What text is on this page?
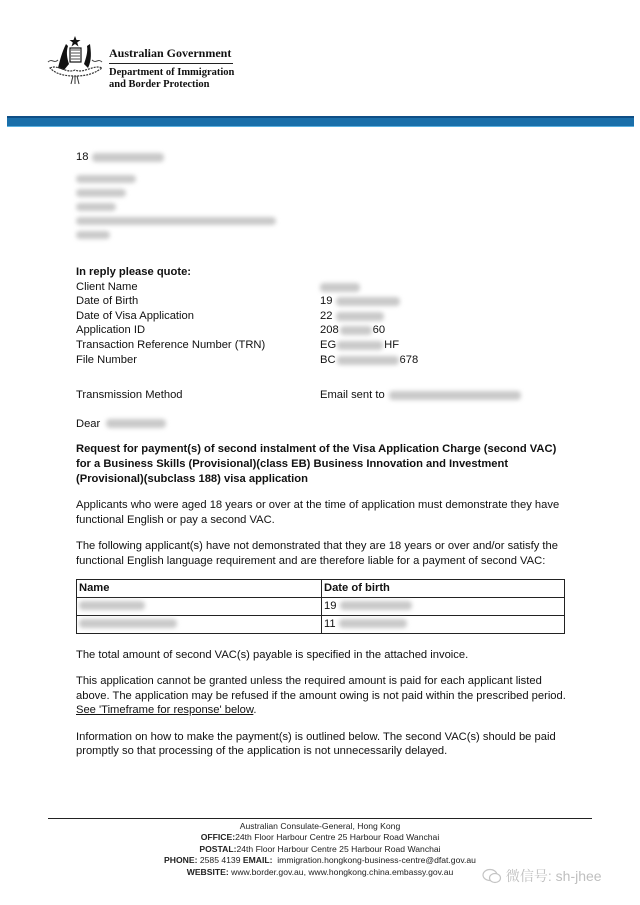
Australian Government
Department of Immigration
and Border Protection

18

In reply please quote:
Client Name
Date of Birth	19
Date of Visa Application	22
Application ID	208	60
Transaction Reference Number (TRN)	EG	HF
File Number	BC	678
Transmission Method	Email sent to

Dear

Request for payment(s) of second instalment of the Visa Application Charge (second VAC) for a Business Skills (Provisional)(class EB) Business Innovation and Investment (Provisional)(subclass 188) visa application

Applicants who were aged 18 years or over at the time of application must demonstrate they have functional English or pay a second VAC.

The following applicant(s) have not demonstrated that they are 18 years or over and/or satisfy the functional English language requirement and are therefore liable for a payment of second VAC:

Name	Date of birth
	19
	11

The total amount of second VAC(s) payable is specified in the attached invoice.

This application cannot be granted unless the required amount is paid for each applicant listed above. The application may be refused if the amount owing is not paid within the prescribed period. See 'Timeframe for response' below.

Information on how to make the payment(s) is outlined below. The second VAC(s) should be paid promptly so that processing of the application is not unnecessarily delayed.

Australian Consulate-General, Hong Kong
OFFICE:24th Floor Harbour Centre 25 Harbour Road Wanchai
POSTAL:24th Floor Harbour Centre 25 Harbour Road Wanchai
PHONE: 2585 4139 EMAIL: immigration.hongkong-business-centre@dfat.gov.au
WEBSITE: www.border.gov.au, www.hongkong.china.embassy.gov.au	微信号: sh-jhee
